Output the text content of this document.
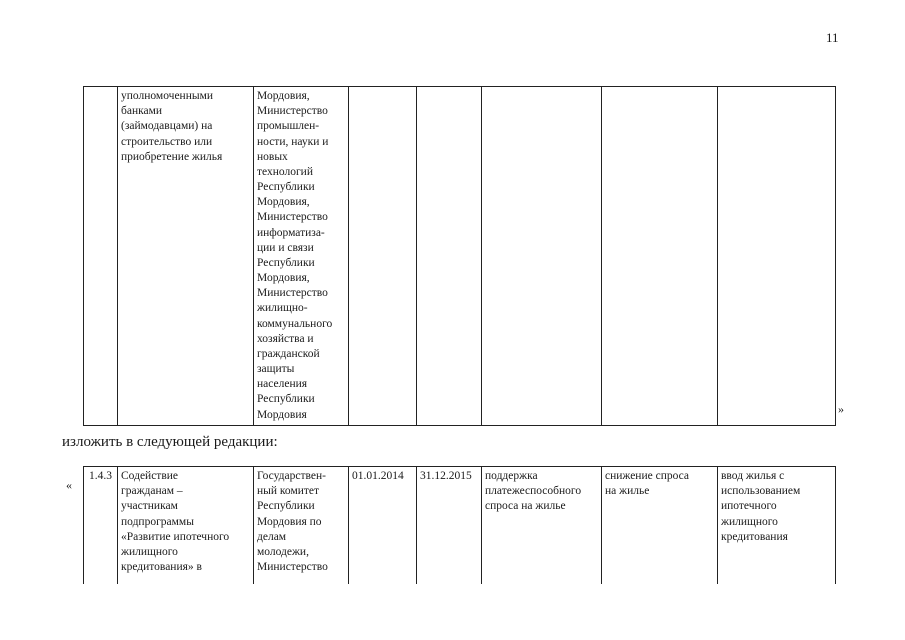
11
	уполномоченными
банками
(займодавцами) на
строительство или
приобретение жилья	Мордовия,
Министерство
промышлен-
ности, науки и
новых
технологий
Республики
Мордовия,
Министерство
информатиза-
ции и связи
Республики
Мордовия,
Министерство
жилищно-
коммунального
хозяйства и
гражданской
защиты
населения
Республики
Мордовия						»
изложить в следующей редакции:
«
1.4.3	Содействие
гражданам –
участникам
подпрограммы
«Развитие ипотечного
жилищного
кредитования» в	Государствен-
ный комитет
Республики
Мордовия по
делам
молодежи,
Министерство	01.01.2014	31.12.2015	поддержка
платежеспособного
спроса на жилье	снижение спроса
на жилье	ввод жилья с
использованием
ипотечного
жилищного
кредитования
